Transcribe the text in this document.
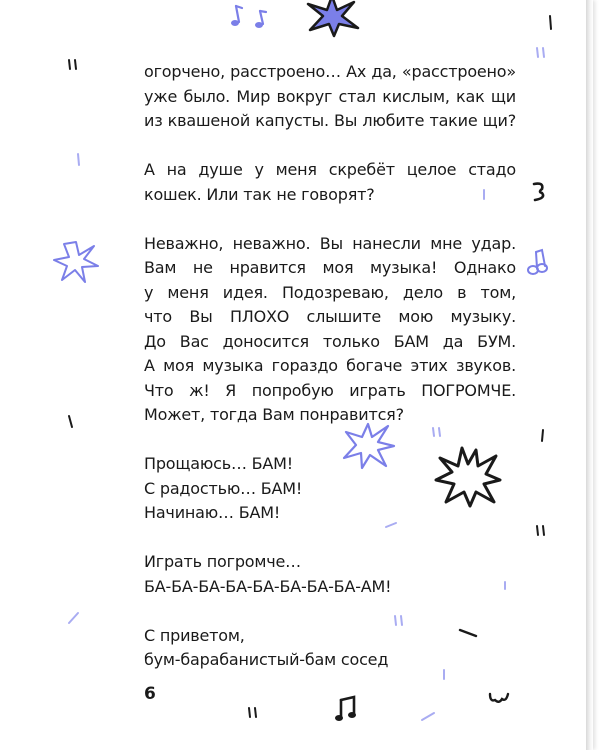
огорчено, расстроено… Ах да, «расстроено»
уже было. Мир вокруг стал кислым, как щи
из квашеной капусты. Вы любите такие щи?
А на душе у меня скребёт целое стадо
кошек. Или так не говорят?
Неважно, неважно. Вы нанесли мне удар.
Вам не нравится моя музыка! Однако
у меня идея. Подозреваю, дело в том,
что Вы ПЛОХО слышите мою музыку.
До Вас доносится только БАМ да БУМ.
А моя музыка гораздо богаче этих звуков.
Что ж! Я попробую играть ПОГРОМЧЕ.
Может, тогда Вам понравится?
Прощаюсь… БАМ!
С радостью… БАМ!
Начинаю… БАМ!
Играть погромче…
БА-БА-БА-БА-БА-БА-БА-БА-АМ!
С приветом,
бум-барабанистый-бам сосед
6
